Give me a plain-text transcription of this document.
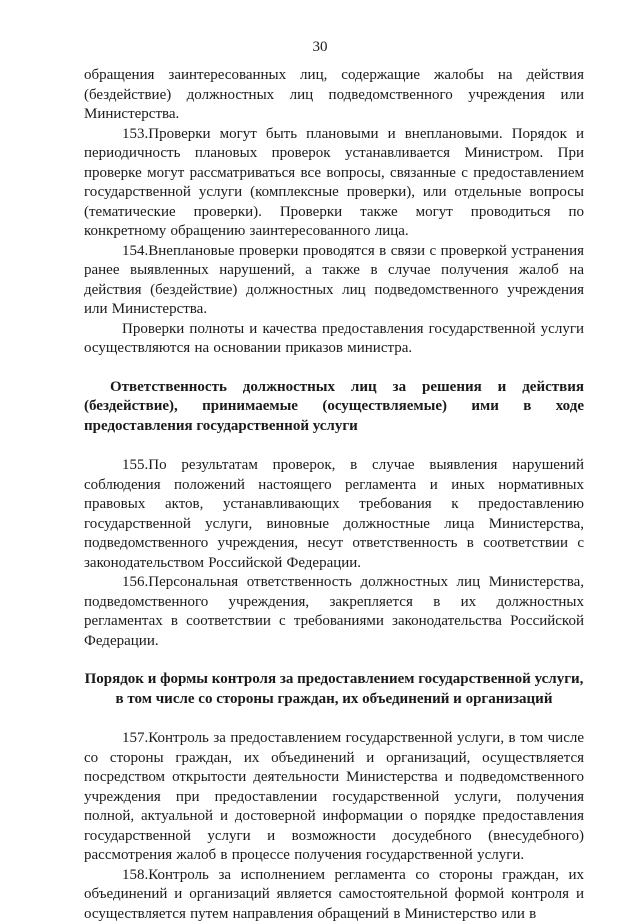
30

обращения заинтересованных лиц, содержащие жалобы на действия (бездействие) должностных лиц подведомственного учреждения или Министерства.

153.Проверки могут быть плановыми и внеплановыми. Порядок и периодичность плановых проверок устанавливается Министром. При проверке могут рассматриваться все вопросы, связанные с предоставлением государственной услуги (комплексные проверки), или отдельные вопросы (тематические проверки). Проверки также могут проводиться по конкретному обращению заинтересованного лица.

154.Внеплановые проверки проводятся в связи с проверкой устранения ранее выявленных нарушений, а также в случае получения жалоб на действия (бездействие) должностных лиц подведомственного учреждения или Министерства.

Проверки полноты и качества предоставления государственной услуги осуществляются на основании приказов министра.

Ответственность должностных лиц за решения и действия (бездействие), принимаемые (осуществляемые) ими в ходе предоставления государственной услуги

155.По результатам проверок, в случае выявления нарушений соблюдения положений настоящего регламента и иных нормативных правовых актов, устанавливающих требования к предоставлению государственной услуги, виновные должностные лица Министерства, подведомственного учреждения, несут ответственность в соответствии с законодательством Российской Федерации.

156.Персональная ответственность должностных лиц Министерства, подведомственного учреждения, закрепляется в их должностных регламентах в соответствии с требованиями законодательства Российской Федерации.

Порядок и формы контроля за предоставлением государственной услуги, в том числе со стороны граждан, их объединений и организаций

157.Контроль за предоставлением государственной услуги, в том числе со стороны граждан, их объединений и организаций, осуществляется посредством открытости деятельности Министерства и подведомственного учреждения при предоставлении государственной услуги, получения полной, актуальной и достоверной информации о порядке предоставления государственной услуги и возможности досудебного (внесудебного) рассмотрения жалоб в процессе получения государственной услуги.

158.Контроль за исполнением регламента со стороны граждан, их объединений и организаций является самостоятельной формой контроля и осуществляется путем направления обращений в Министерство или в
